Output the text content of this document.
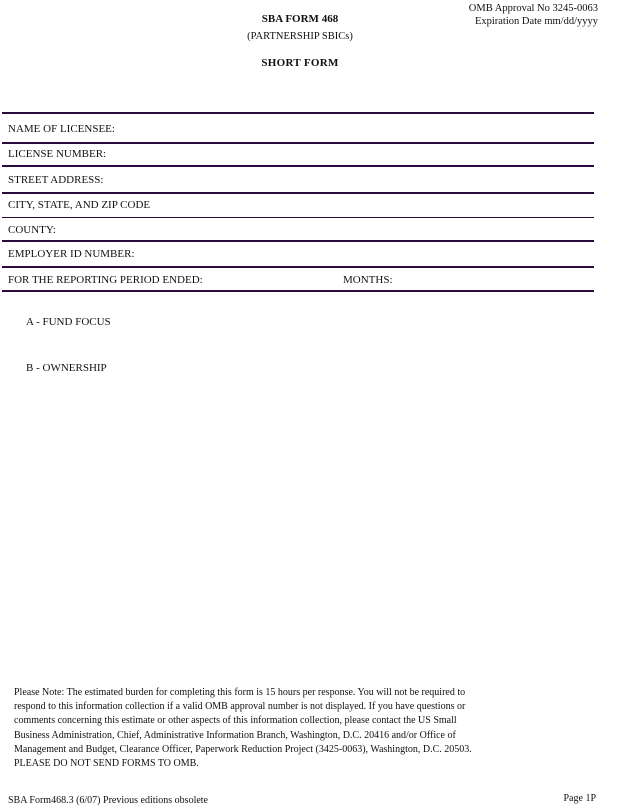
OMB Approval No 3245-0063
Expiration Date mm/dd/yyyy
SBA FORM 468
(PARTNERSHIP SBICs)
SHORT FORM
NAME OF LICENSEE:
LICENSE NUMBER:
STREET ADDRESS:
CITY, STATE, AND ZIP CODE
COUNTY:
EMPLOYER ID NUMBER:
FOR THE REPORTING PERIOD ENDED:	MONTHS:
A - FUND FOCUS
B - OWNERSHIP

Please Note: The estimated burden for completing this form is 15 hours per response. You will not be required to

respond to this information collection if a valid OMB approval number is not displayed. If you have questions or

comments concerning this estimate or other aspects of this information collection, please contact the US Small

Business Administration, Chief, Administrative Information Branch, Washington, D.C. 20416 and/or Office of

Management and Budget, Clearance Officer, Paperwork Reduction Project (3425-0063), Washington, D.C. 20503.

PLEASE DO NOT SEND FORMS TO OMB.

SBA Form468.3 (6/07) Previous editions obsolete	Page 1P
